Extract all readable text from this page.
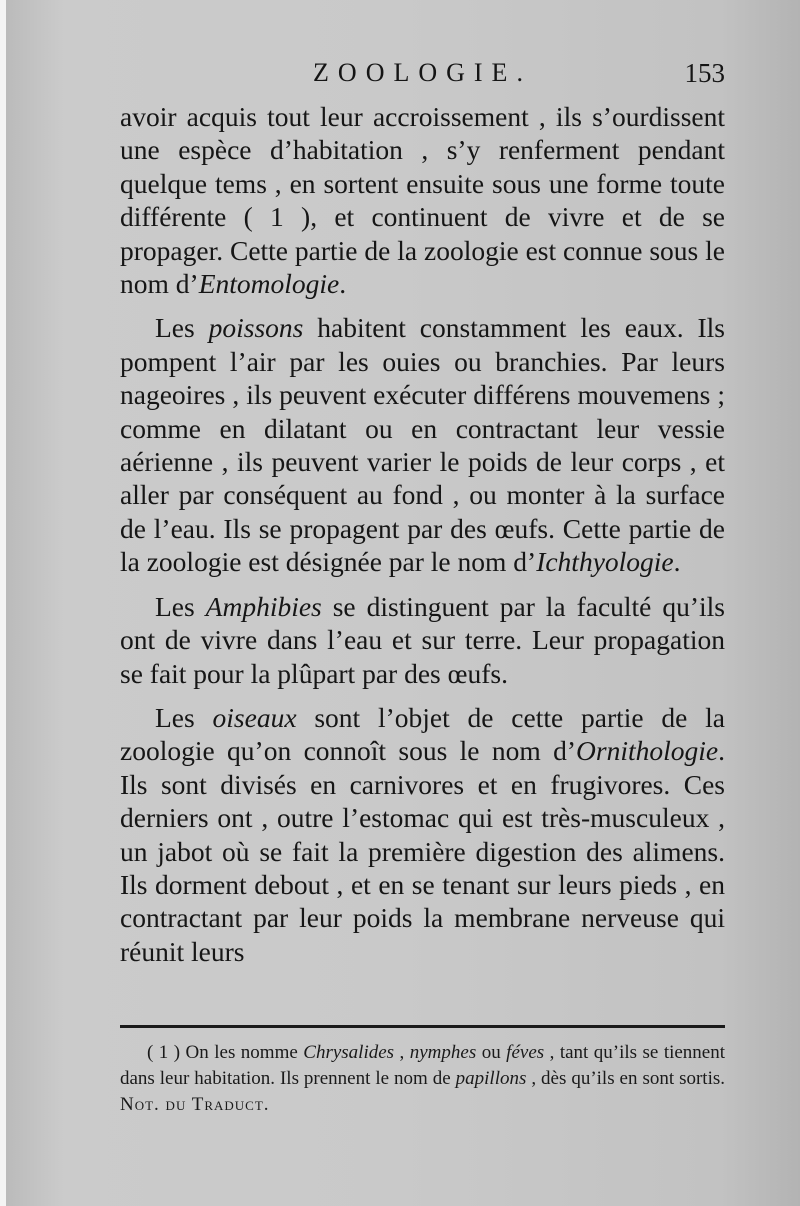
ZOOLOGIE.	153

avoir acquis tout leur accroissement , ils s’ourdissent une espèce d’habitation , s’y renferment pendant quelque tems , en sortent ensuite sous une forme toute différente ( 1 ), et continuent de vivre et de se propager. Cette partie de la zoologie est connue sous le nom d’Entomologie.

Les poissons habitent constamment les eaux. Ils pompent l’air par les ouies ou branchies. Par leurs nageoires , ils peuvent exécuter différens mouvemens ; comme en dilatant ou en contractant leur vessie aérienne , ils peuvent varier le poids de leur corps , et aller par conséquent au fond , ou monter à la surface de l’eau. Ils se propagent par des œufs. Cette partie de la zoologie est désignée par le nom d’Ichthyologie.

Les Amphibies se distinguent par la faculté qu’ils ont de vivre dans l’eau et sur terre. Leur propagation se fait pour la plûpart par des œufs.

Les oiseaux sont l’objet de cette partie de la zoologie qu’on connoît sous le nom d’Ornithologie. Ils sont divisés en carnivores et en frugivores. Ces derniers ont , outre l’estomac qui est très-musculeux , un jabot où se fait la première digestion des alimens. Ils dorment debout , et en se tenant sur leurs pieds , en contractant par leur poids la membrane nerveuse qui réunit leurs

( 1 ) On les nomme Chrysalides , nymphes ou féves , tant qu’ils se tiennent dans leur habitation. Ils prennent le nom de papillons , dès qu’ils en sont sortis. Not. du Traduct.
